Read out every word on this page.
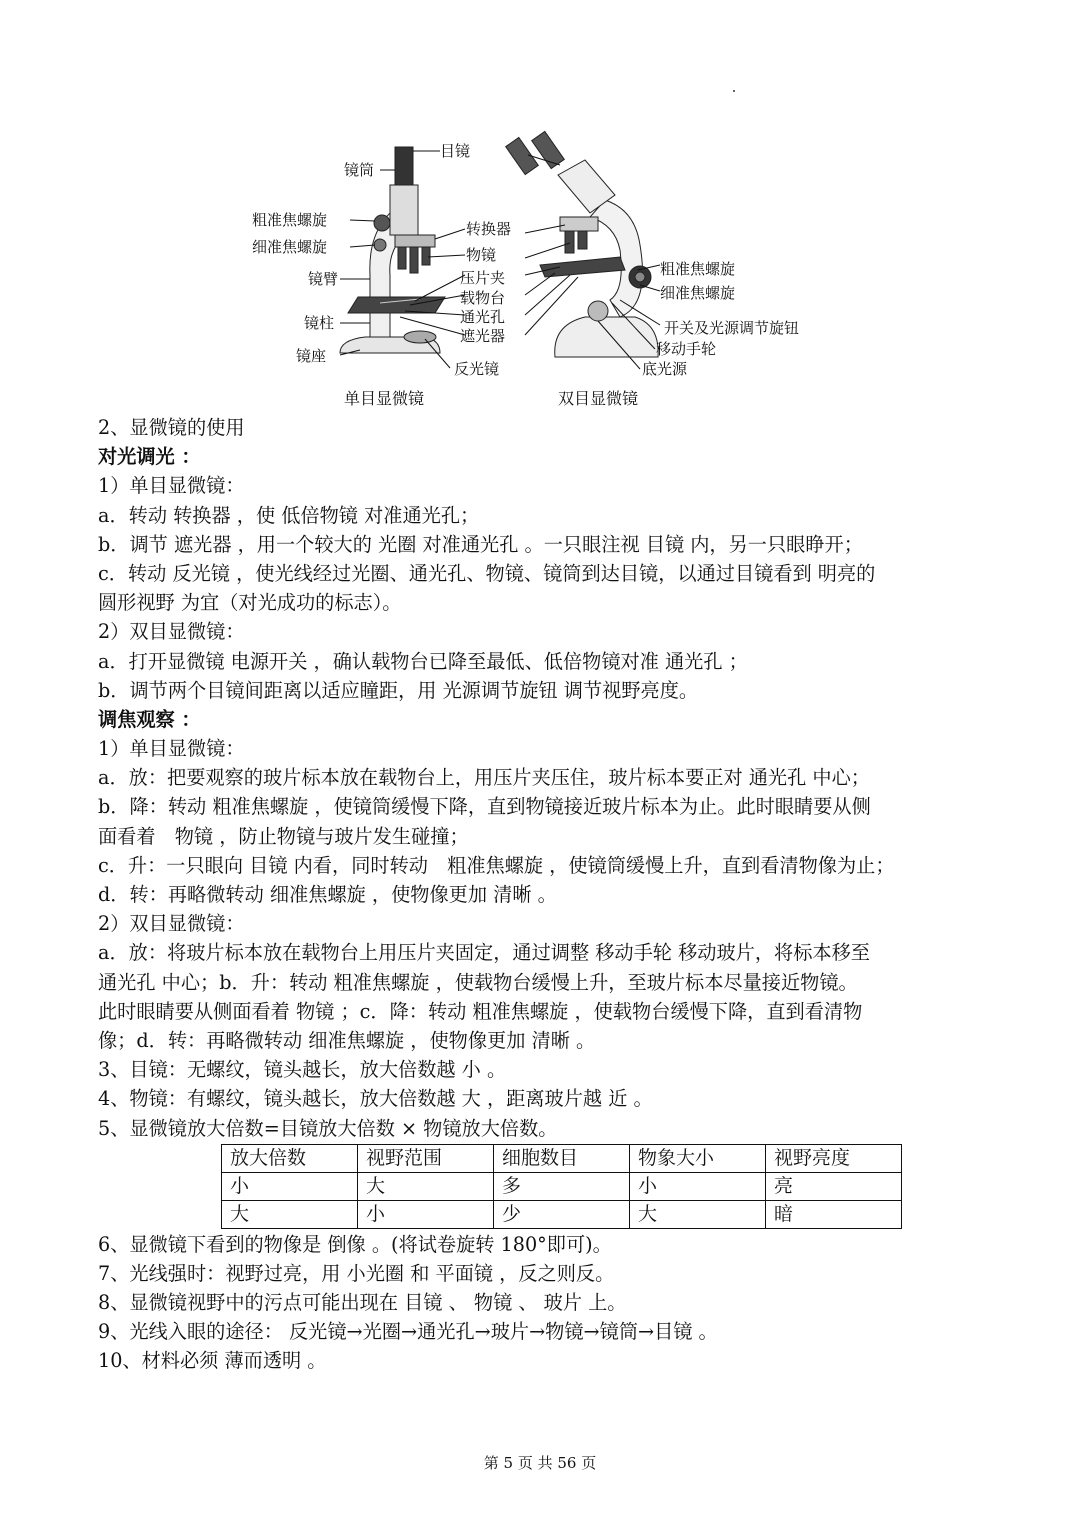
目镜
镜筒
粗准焦螺旋
细准焦螺旋
镜臂
镜柱
镜座
转换器
物镜
压片夹
载物台
通光孔
遮光器
反光镜
粗准焦螺旋
细准焦螺旋
开关及光源调节旋钮
移动手轮
底光源
单目显微镜	双目显微镜
2、显微镜的使用
对光调光 ：
1）单目显微镜：
a．转动 转换器 ，使 低倍物镜 对准通光孔；
b．调节 遮光器 ，用一个较大的 光圈 对准通光孔 。一只眼注视 目镜 内，另一只眼睁开；
c．转动 反光镜 ，使光线经过光圈、通光孔、物镜、镜筒到达目镜，以通过目镜看到 明亮的
圆形视野 为宜（对光成功的标志）。
2）双目显微镜：
a．打开显微镜 电源开关 ，确认载物台已降至最低、低倍物镜对准 通光孔 ；
b．调节两个目镜间距离以适应瞳距，用 光源调节旋钮 调节视野亮度。
调焦观察 ：
1）单目显微镜：
a．放：把要观察的玻片标本放在载物台上，用压片夹压住，玻片标本要正对 通光孔 中心；
b．降：转动 粗准焦螺旋 ，使镜筒缓慢下降，直到物镜接近玻片标本为止。此时眼睛要从侧
面看着　物镜 ，防止物镜与玻片发生碰撞；
c．升：一只眼向 目镜 内看，同时转动　粗准焦螺旋 ，使镜筒缓慢上升，直到看清物像为止；
d．转：再略微转动 细准焦螺旋 ，使物像更加 清晰 。
2）双目显微镜：
a．放：将玻片标本放在载物台上用压片夹固定，通过调整 移动手轮 移动玻片，将标本移至
通光孔 中心；b．升：转动 粗准焦螺旋 ，使载物台缓慢上升，至玻片标本尽量接近物镜。
此时眼睛要从侧面看着 物镜 ；c．降：转动 粗准焦螺旋 ，使载物台缓慢下降，直到看清物
像；d．转：再略微转动 细准焦螺旋 ，使物像更加 清晰 。
3、目镜：无螺纹，镜头越长，放大倍数越 小 。
4、物镜：有螺纹，镜头越长，放大倍数越 大 ，距离玻片越 近 。
5、显微镜放大倍数=目镜放大倍数 × 物镜放大倍数。
放大倍数	视野范围	细胞数目	物象大小	视野亮度
小	大	多	小	亮
大	小	少	大	暗
6、显微镜下看到的物像是 倒像 。(将试卷旋转 180°即可)。
7、光线强时：视野过亮，用 小光圈 和 平面镜 ，反之则反。
8、显微镜视野中的污点可能出现在 目镜 、 物镜 、 玻片 上。
9、光线入眼的途径： 反光镜→光圈→通光孔→玻片→物镜→镜筒→目镜 。
10、材料必须 薄而透明 。
第 5 页 共 56 页
